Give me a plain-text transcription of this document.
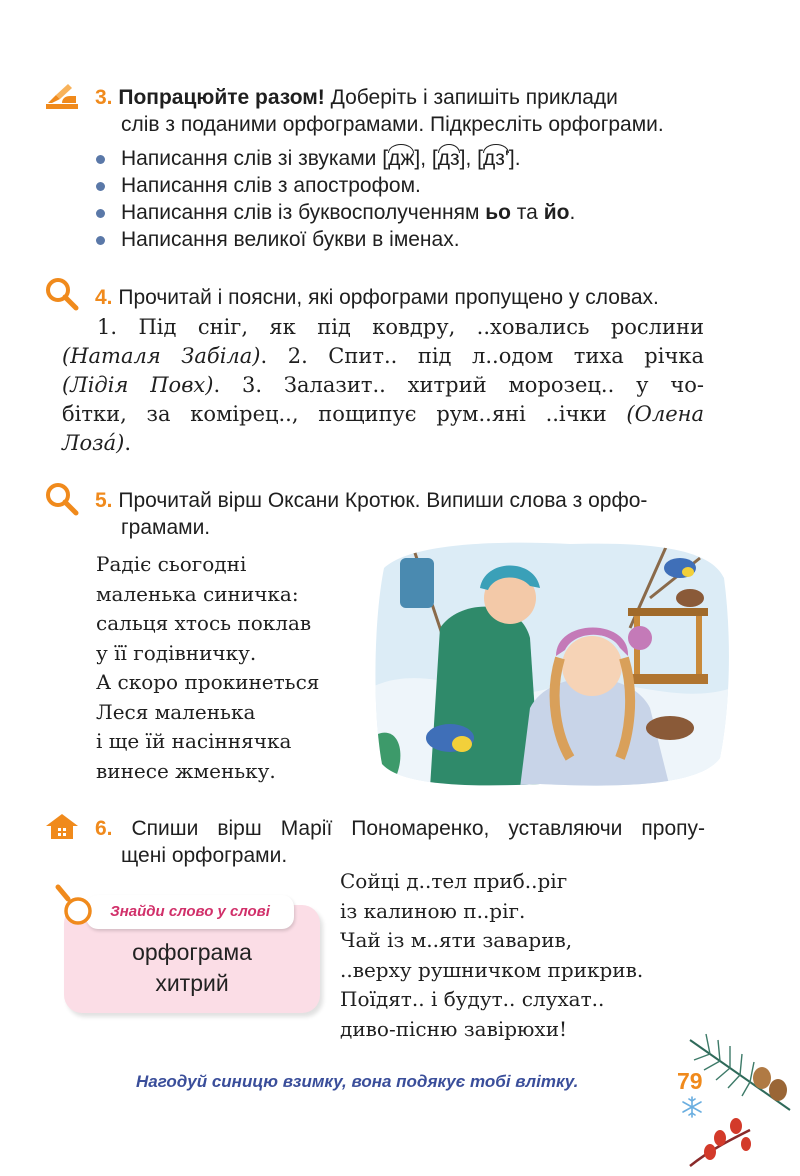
3. Попрацюйте разом! Доберіть і запишіть приклади
слів з поданими орфограмами. Підкресліть орфограми.
Написання слів зі звуками [дж], [дз], [дз'].
Написання слів з апострофом.
Написання слів із буквосполученням ьо та йо.
Написання великої букви в іменах.
4. Прочитай і поясни, які орфограми пропущено у словах.
1. Під сніг, як під ковдру, ..ховались рослини
(Наталя Забіла). 2. Спит.. під л..одом тиха річка
(Лідія Повх). 3. Залазит.. хитрий морозец.. у чо-
бітки, за комірец.., пощипує рум..яні ..ічки (Олена
Лозá).
5. Прочитай вірш Оксани Кротюк. Випиши слова з орфо-
грамами.
Радіє сьогодні
маленька синичка:
сальця хтось поклав
у її годівничку.
А скоро прокинеться
Леся маленька
і ще їй насіннячка
винесе жменьку.
6. Спиши вірш Марії Пономаренко, уставляючи пропу-
щені орфограми.
орфограма
хитрий
Знайди слово у слові
Сойці д..тел приб..ріг
із калиною п..ріг.
Чай із м..яти заварив,
..верху рушничком прикрив.
Поїдят.. і будут.. слухат..
диво-пісню завірюхи!
Нагодуй синицю взимку, вона подякує тобі влітку.	79
